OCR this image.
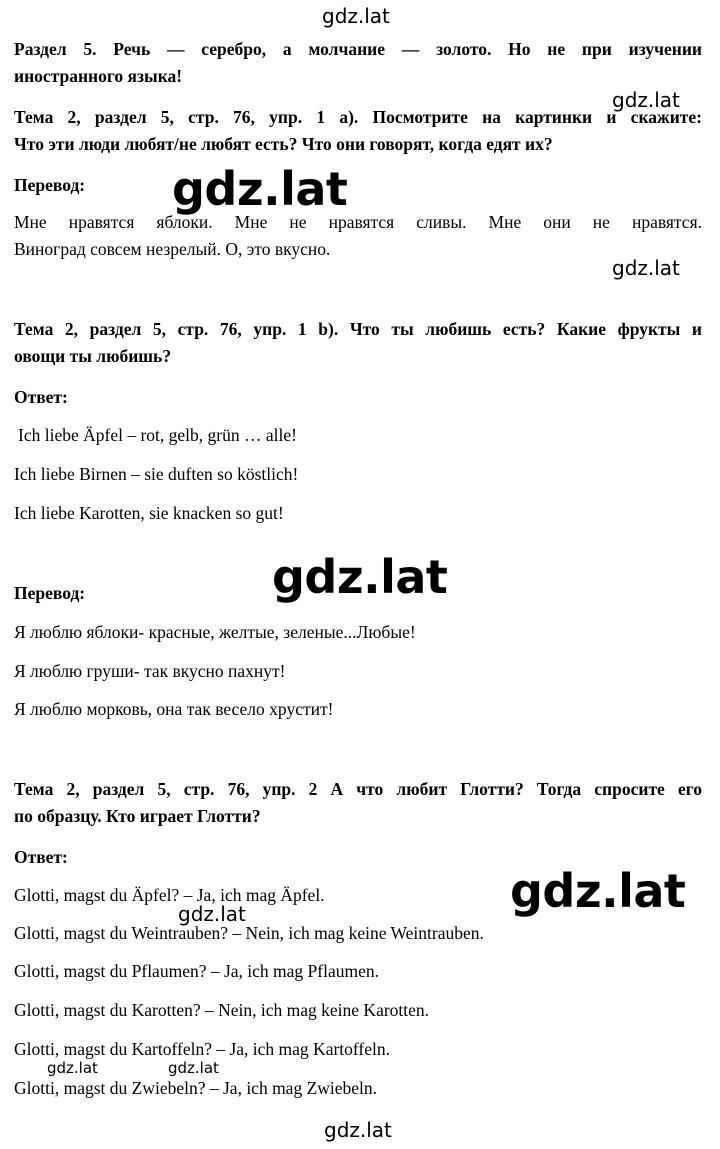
Раздел 5. Речь — серебро, а молчание — золото. Но не при изучении
иностранного языка!
Тема 2, раздел 5, стр. 76, упр. 1 а). Посмотрите на картинки и скажите:
Что эти люди любят/не любят есть? Что они говорят, когда едят их?
Перевод:
Мне нравятся яблоки. Мне не нравятся сливы. Мне они не нравятся.
Виноград совсем незрелый. О, это вкусно.
Тема 2, раздел 5, стр. 76, упр. 1 b). Что ты любишь есть? Какие фрукты и
овощи ты любишь?
Ответ:
Ich liebe Äpfel – rot, gelb, grün … alle!
Ich liebe Birnen – sie duften so köstlich!
Ich liebe Karotten, sie knacken so gut!
Перевод:
Я люблю яблоки- красные, желтые, зеленые...Любые!
Я люблю груши- так вкусно пахнут!
Я люблю морковь, она так весело хрустит!
Тема 2, раздел 5, стр. 76, упр. 2 А что любит Глотти? Тогда спросите его
по образцу. Кто играет Глотти?
Ответ:
Glotti, magst du Äpfel? – Ja, ich mag Äpfel.
Glotti, magst du Weintrauben? – Nein, ich mag keine Weintrauben.
Glotti, magst du Pflaumen? – Ja, ich mag Pflaumen.
Glotti, magst du Karotten? – Nein, ich mag keine Karotten.
Glotti, magst du Kartoffeln? – Ja, ich mag Kartoffeln.
Glotti, magst du Zwiebeln? – Ja, ich mag Zwiebeln.
gdz.lat
gdz.lat
gdz.lat
gdz.lat
gdz.lat
gdz.lat
gdz.lat
gdz.lat	gdz.lat
gdz.lat
